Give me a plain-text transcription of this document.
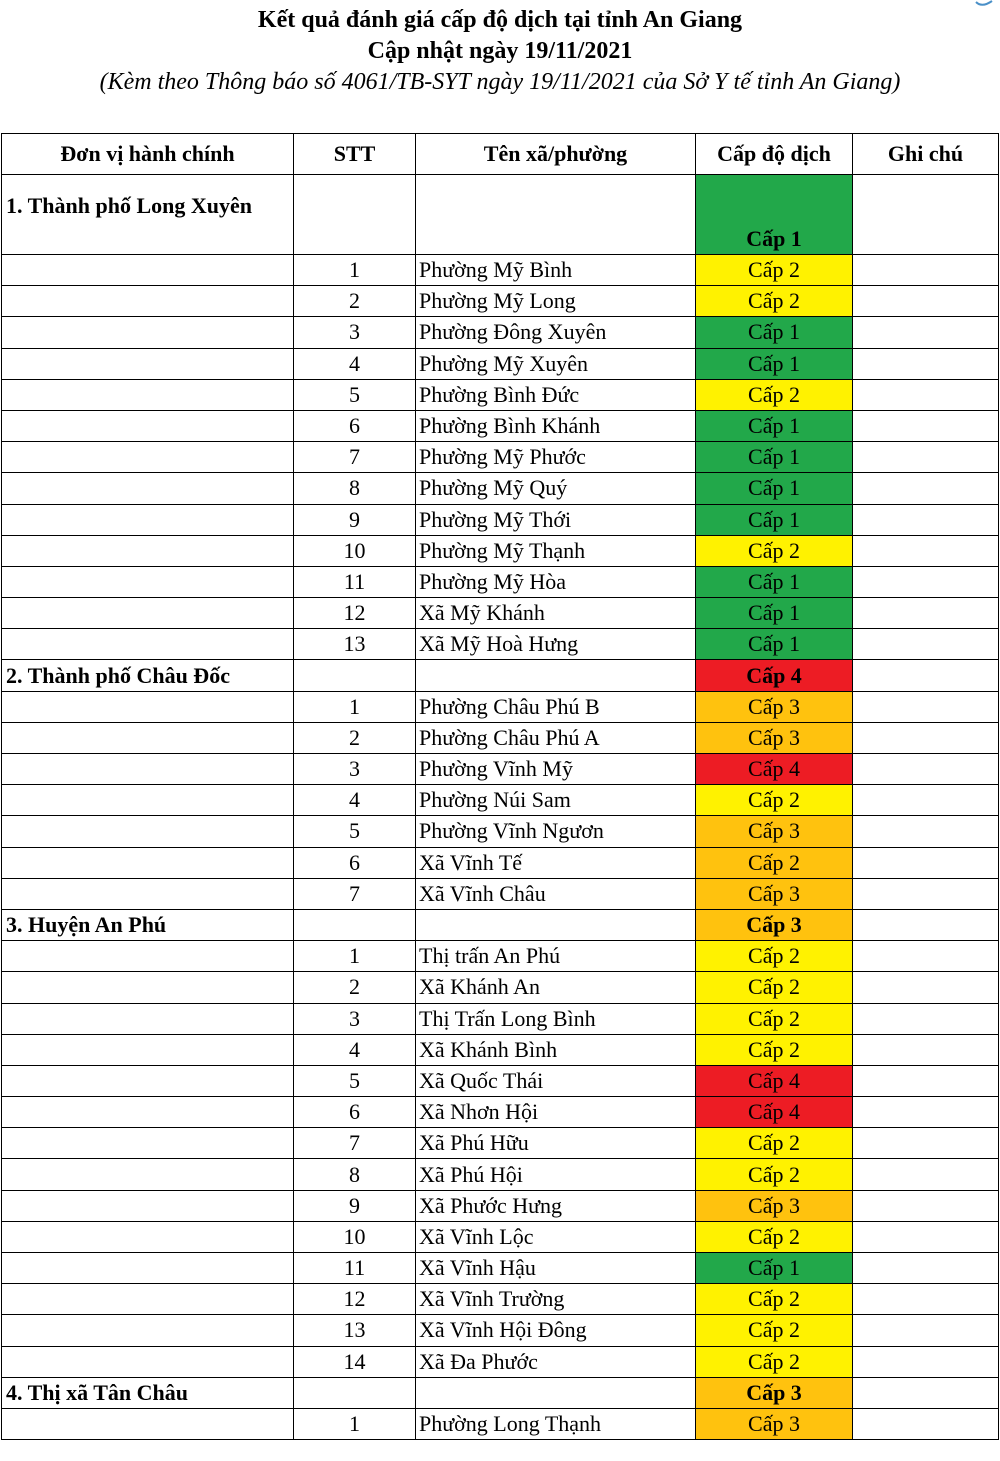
Kết quả đánh giá cấp độ dịch tại tỉnh An Giang
Cập nhật ngày 19/11/2021
(Kèm theo Thông báo số 4061/TB-SYT ngày 19/11/2021 của Sở Y tế tỉnh An Giang)
Đơn vị hành chính	STT	Tên xã/phường	Cấp độ dịch	Ghi chú
1. Thành phố Long Xuyên			Cấp 1	
	1	Phường Mỹ Bình	Cấp 2	
	2	Phường Mỹ Long	Cấp 2	
	3	Phường Đông Xuyên	Cấp 1	
	4	Phường Mỹ Xuyên	Cấp 1	
	5	Phường Bình Đức	Cấp 2	
	6	Phường Bình Khánh	Cấp 1	
	7	Phường Mỹ Phước	Cấp 1	
	8	Phường Mỹ Quý	Cấp 1	
	9	Phường Mỹ Thới	Cấp 1	
	10	Phường Mỹ Thạnh	Cấp 2	
	11	Phường Mỹ Hòa	Cấp 1	
	12	Xã Mỹ Khánh	Cấp 1	
	13	Xã Mỹ Hoà Hưng	Cấp 1	
2. Thành phố Châu Đốc			Cấp 4	
	1	Phường Châu Phú B	Cấp 3	
	2	Phường Châu Phú A	Cấp 3	
	3	Phường Vĩnh Mỹ	Cấp 4	
	4	Phường Núi Sam	Cấp 2	
	5	Phường Vĩnh Ngươn	Cấp 3	
	6	Xã Vĩnh Tế	Cấp 2	
	7	Xã Vĩnh Châu	Cấp 3	
3. Huyện An Phú			Cấp 3	
	1	Thị trấn An Phú	Cấp 2	
	2	Xã Khánh An	Cấp 2	
	3	Thị Trấn Long Bình	Cấp 2	
	4	Xã Khánh Bình	Cấp 2	
	5	Xã Quốc Thái	Cấp 4	
	6	Xã Nhơn Hội	Cấp 4	
	7	Xã Phú Hữu	Cấp 2	
	8	Xã Phú Hội	Cấp 2	
	9	Xã Phước Hưng	Cấp 3	
	10	Xã Vĩnh Lộc	Cấp 2	
	11	Xã Vĩnh Hậu	Cấp 1	
	12	Xã Vĩnh Trường	Cấp 2	
	13	Xã Vĩnh Hội Đông	Cấp 2	
	14	Xã Đa Phước	Cấp 2	
4. Thị xã Tân Châu			Cấp 3	
	1	Phường Long Thạnh	Cấp 3	
